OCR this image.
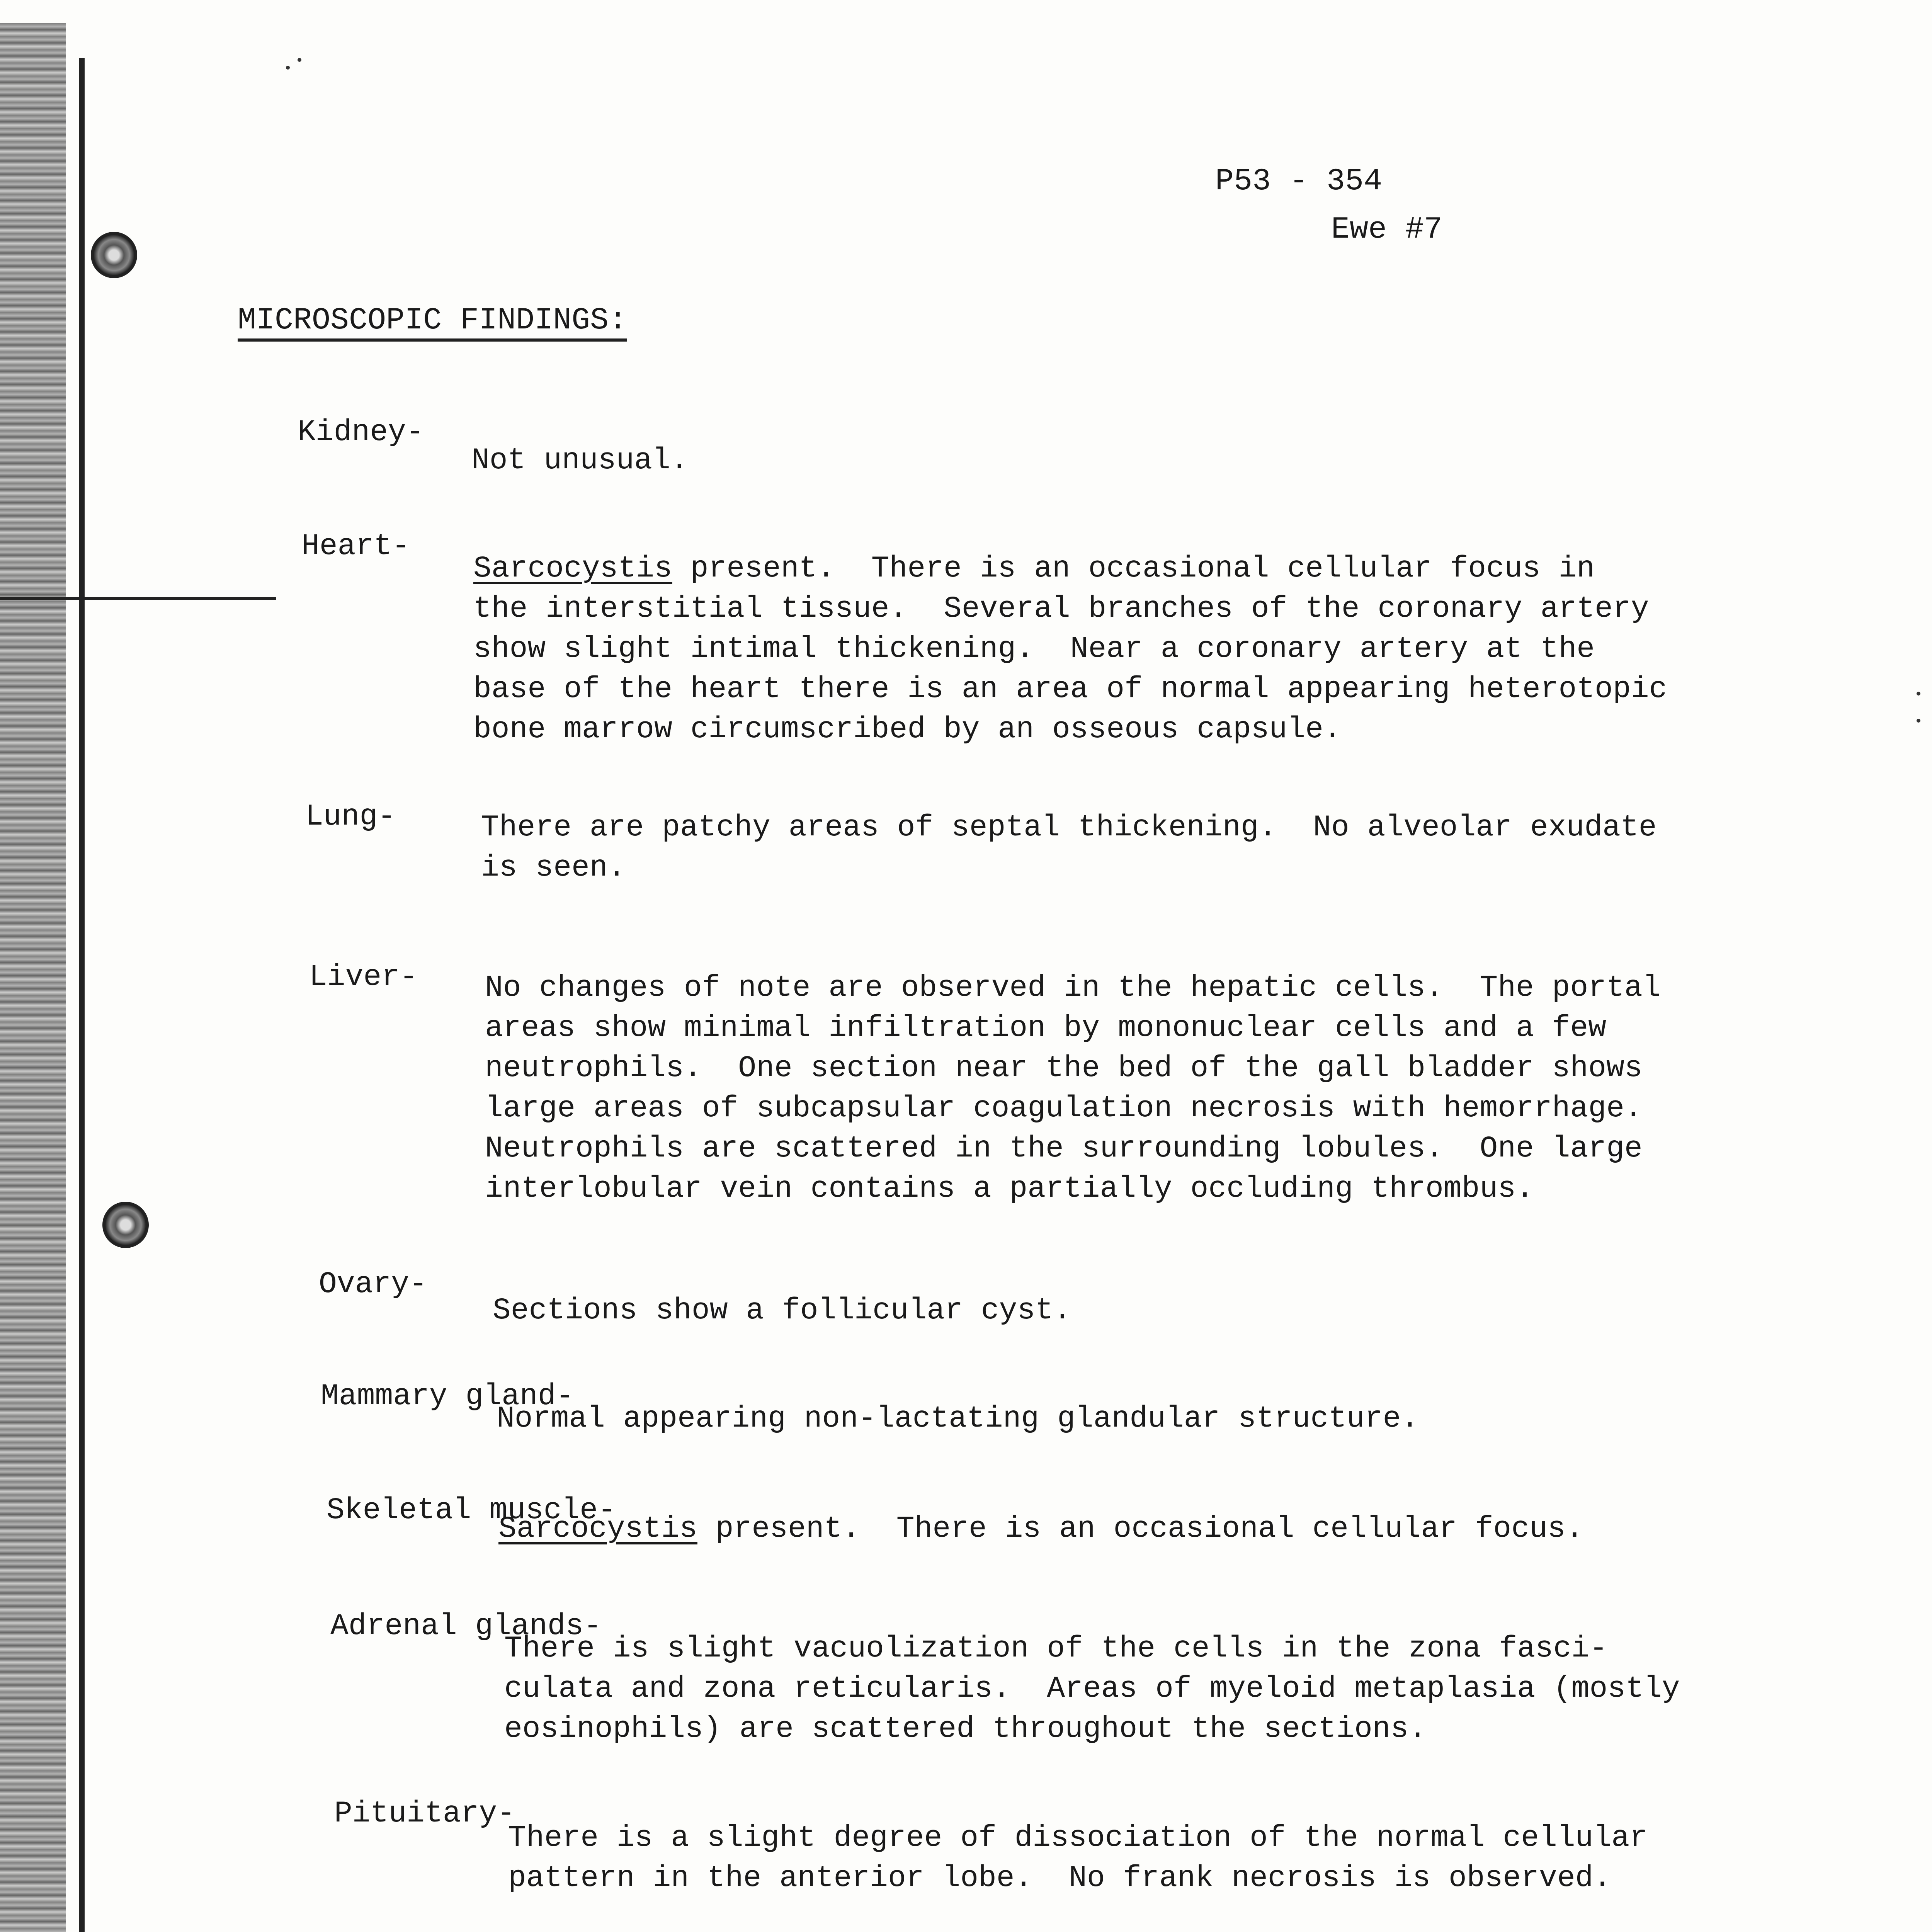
P53 - 354
Ewe #7
MICROSCOPIC FINDINGS:
Kidney-
Not unusual.
Heart-
Sarcocystis present.  There is an occasional cellular focus in
the interstitial tissue.  Several branches of the coronary artery
show slight intimal thickening.  Near a coronary artery at the
base of the heart there is an area of normal appearing heterotopic
bone marrow circumscribed by an osseous capsule.
Lung-	There are patchy areas of septal thickening.  No alveolar exudate
is seen.
Liver- No changes of note are observed in the hepatic cells.  The portal
areas show minimal infiltration by mononuclear cells and a few
neutrophils.  One section near the bed of the gall bladder shows
large areas of subcapsular coagulation necrosis with hemorrhage.
Neutrophils are scattered in the surrounding lobules.  One large
interlobular vein contains a partially occluding thrombus.
Ovary-
Sections show a follicular cyst.
Mammary gland-
Normal appearing non-lactating glandular structure.
Skeletal muscle-
Sarcocystis present.  There is an occasional cellular focus.
Adrenal glands-
There is slight vacuolization of the cells in the zona fasci-
culata and zona reticularis.  Areas of myeloid metaplasia (mostly
eosinophils) are scattered throughout the sections.
Pituitary-
There is a slight degree of dissociation of the normal cellular
pattern in the anterior lobe.  No frank necrosis is observed.
